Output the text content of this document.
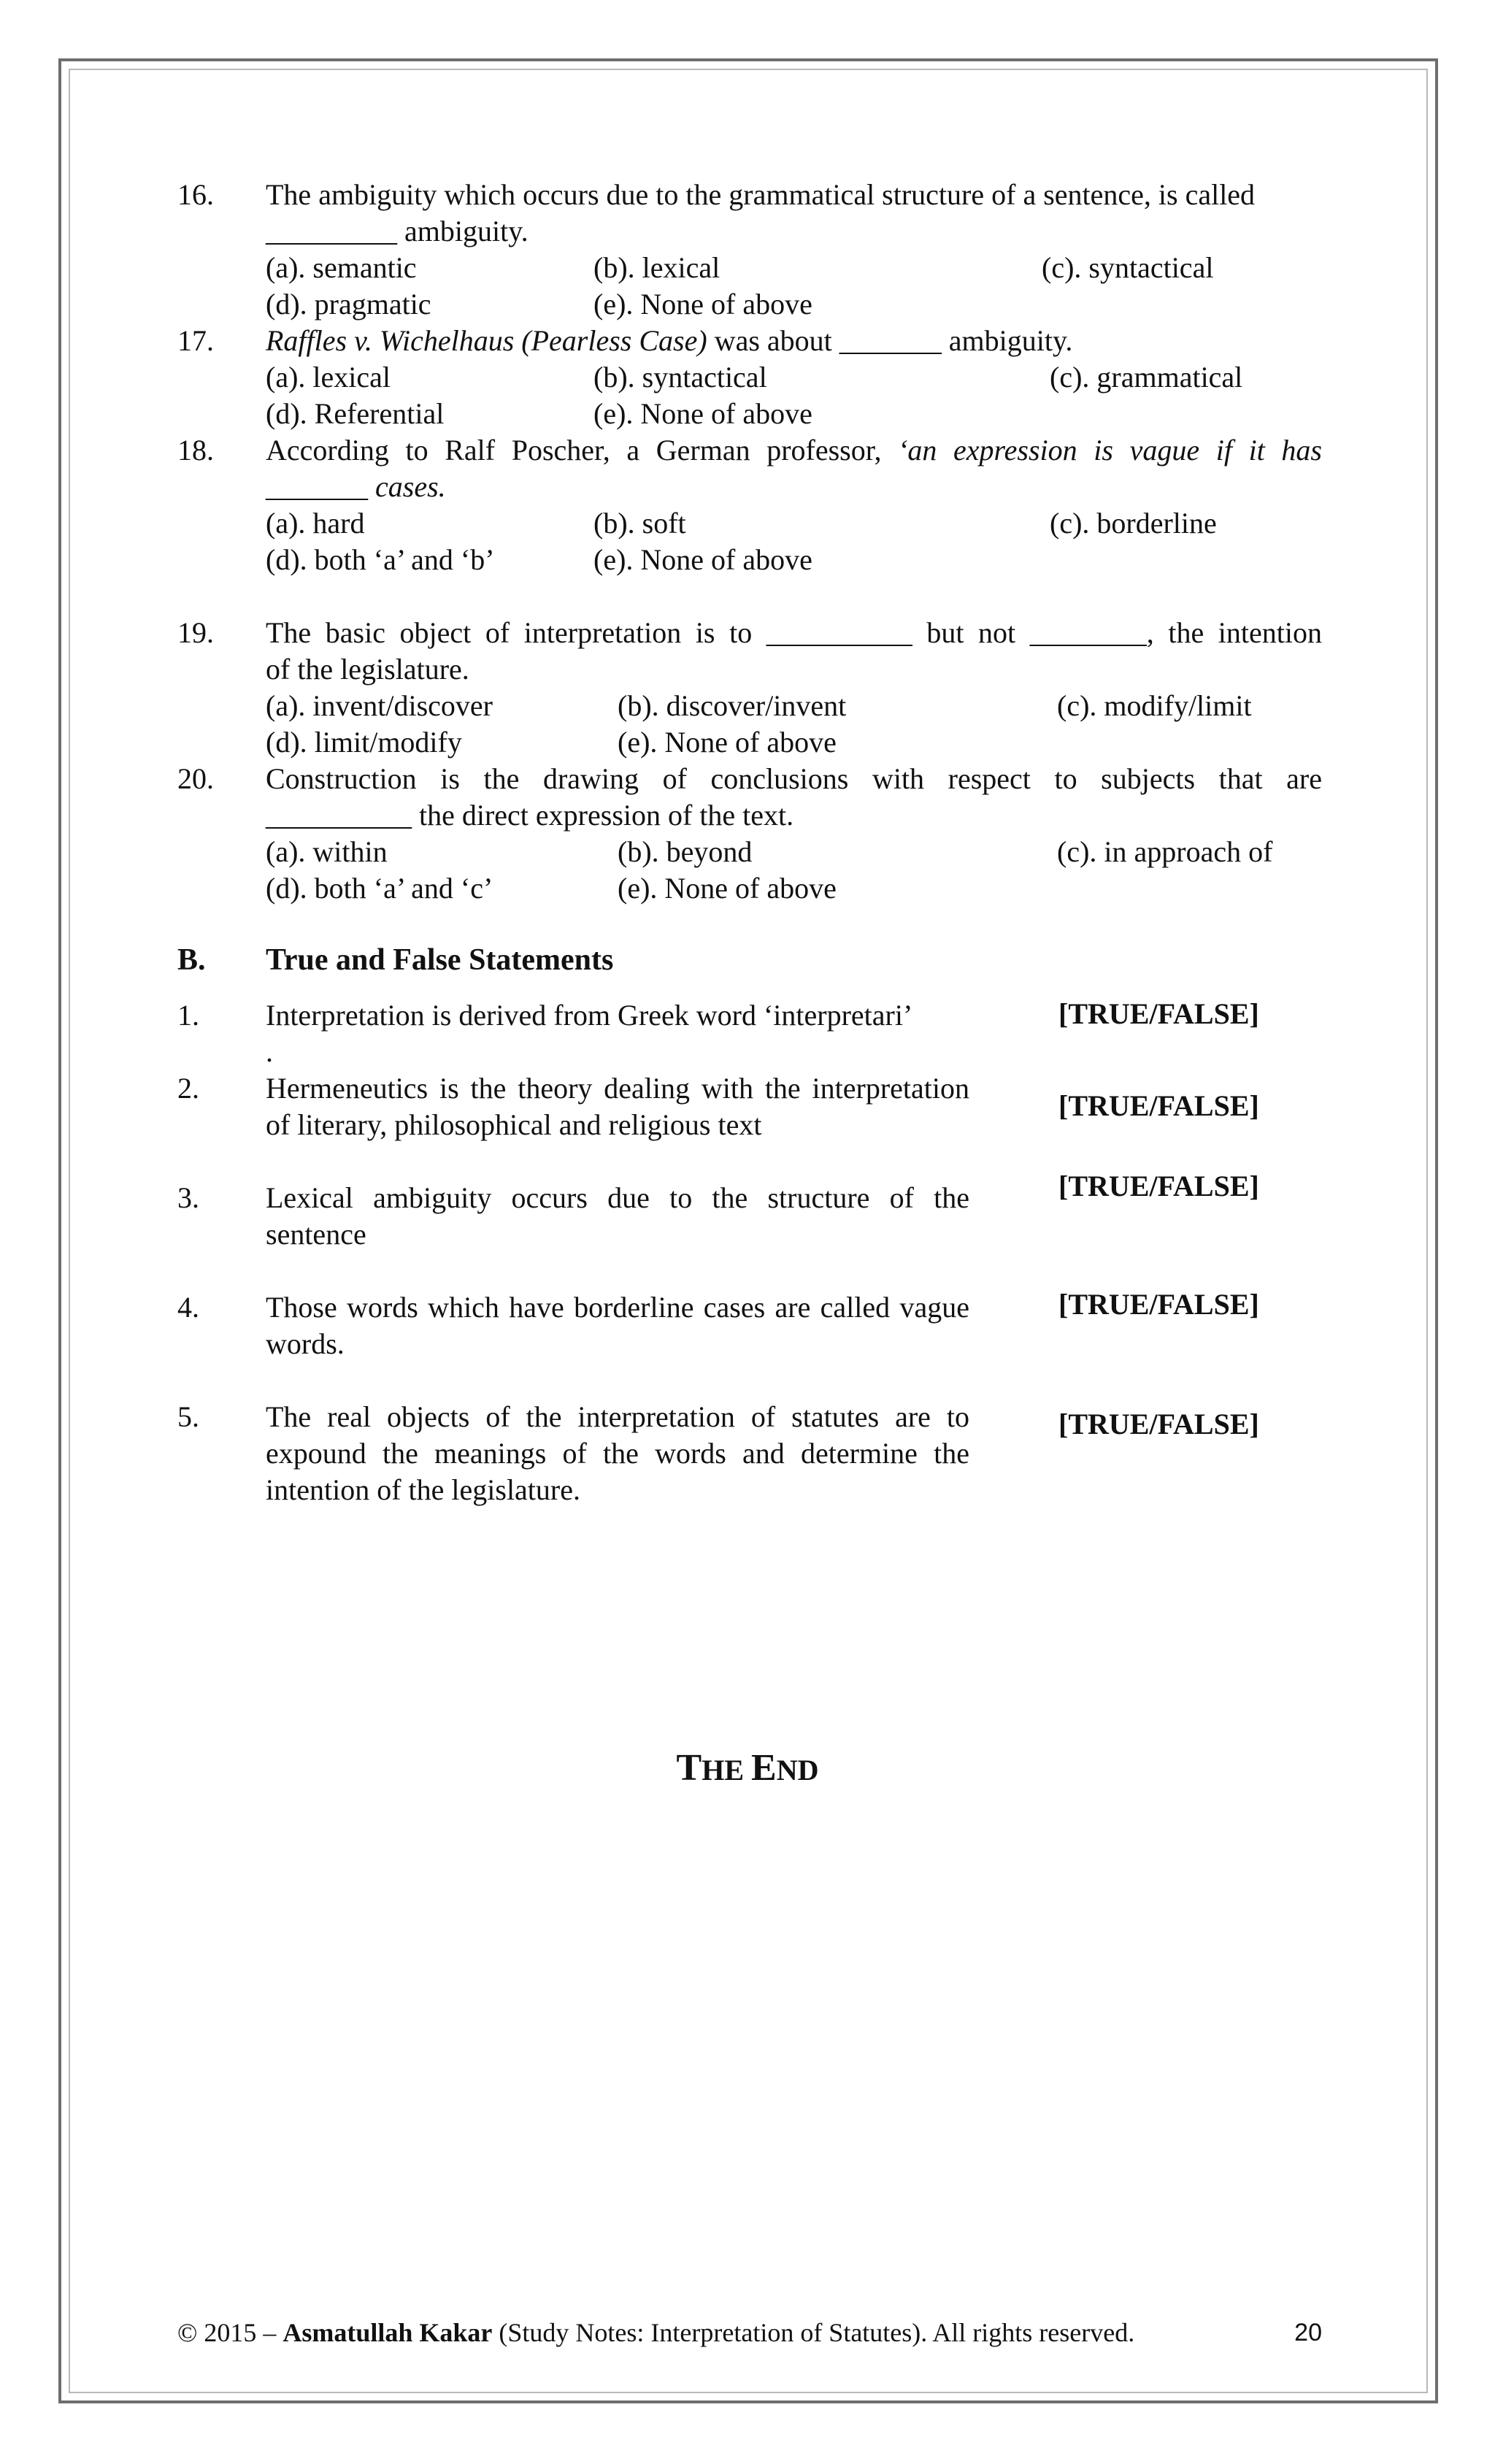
16.	The ambiguity which occurs due to the grammatical structure of a sentence, is called
_________ ambiguity.
(a). semantic	(b). lexical	(c). syntactical
(d). pragmatic	(e). None of above
17.	Raffles v. Wichelhaus (Pearless Case) was about _______ ambiguity.
(a). lexical	(b). syntactical	(c). grammatical
(d). Referential	(e). None of above
18.	According to Ralf Poscher, a German professor, ‘an expression is vague if it has
_______ cases.
(a). hard	(b). soft	(c). borderline
(d). both ‘a’ and ‘b’	(e). None of above
19.	The basic object of interpretation is to __________ but not ________, the intention
of the legislature.
(a). invent/discover	(b). discover/invent	(c). modify/limit
(d). limit/modify	(e). None of above
20.	Construction is the drawing of conclusions with respect to subjects that are
__________ the direct expression of the text.
(a). within	(b). beyond	(c). in approach of
(d). both ‘a’ and ‘c’	(e). None of above
B.	True and False Statements
1.	Interpretation is derived from Greek word ‘interpretari’
.
[TRUE/FALSE]
2.	Hermeneutics is the theory dealing with the interpretation of literary, philosophical and religious text
[TRUE/FALSE]
3.	Lexical ambiguity occurs due to the structure of the sentence
[TRUE/FALSE]
4.	Those words which have borderline cases are called vague words.
[TRUE/FALSE]
5.	The real objects of the interpretation of statutes are to expound the meanings of the words and determine the intention of the legislature.
[TRUE/FALSE]
THE END
© 2015 – Asmatullah Kakar (Study Notes: Interpretation of Statutes). All rights reserved.	20
